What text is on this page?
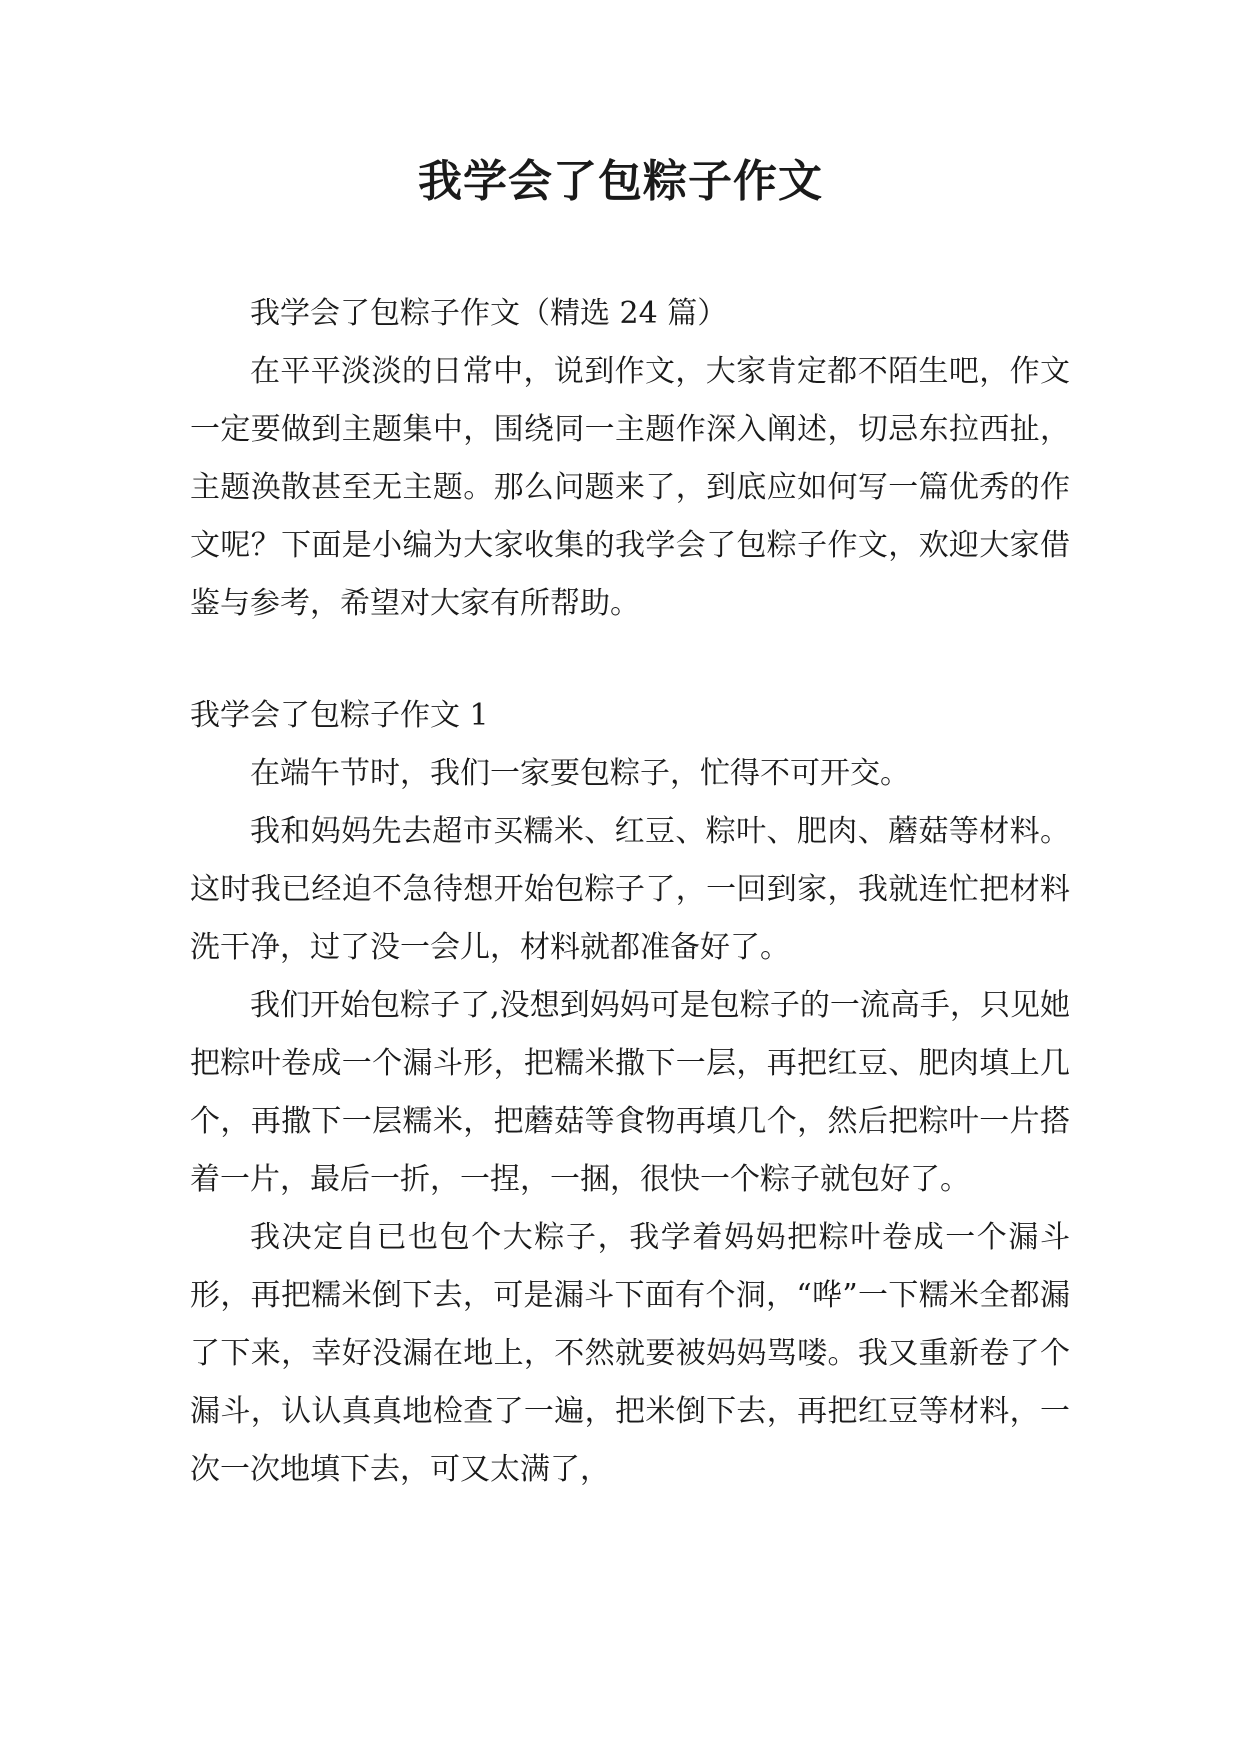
我学会了包粽子作文

我学会了包粽子作文（精选 24 篇）

在平平淡淡的日常中，说到作文，大家肯定都不陌生吧，作文一定要做到主题集中，围绕同一主题作深入阐述，切忌东拉西扯，主题涣散甚至无主题。那么问题来了，到底应如何写一篇优秀的作文呢？下面是小编为大家收集的我学会了包粽子作文，欢迎大家借鉴与参考，希望对大家有所帮助。

我学会了包粽子作文 1

在端午节时，我们一家要包粽子，忙得不可开交。

我和妈妈先去超市买糯米、红豆、粽叶、肥肉、蘑菇等材料。这时我已经迫不急待想开始包粽子了，一回到家，我就连忙把材料洗干净，过了没一会儿，材料就都准备好了。

我们开始包粽子了,没想到妈妈可是包粽子的一流高手，只见她把粽叶卷成一个漏斗形，把糯米撒下一层，再把红豆、肥肉填上几个，再撒下一层糯米，把蘑菇等食物再填几个，然后把粽叶一片搭着一片，最后一折，一捏，一捆，很快一个粽子就包好了。

我决定自已也包个大粽子，我学着妈妈把粽叶卷成一个漏斗形，再把糯米倒下去，可是漏斗下面有个洞，“哗”一下糯米全都漏了下来，幸好没漏在地上，不然就要被妈妈骂喽。我又重新卷了个漏斗，认认真真地检查了一遍，把米倒下去，再把红豆等材料，一次一次地填下去，可又太满了，
